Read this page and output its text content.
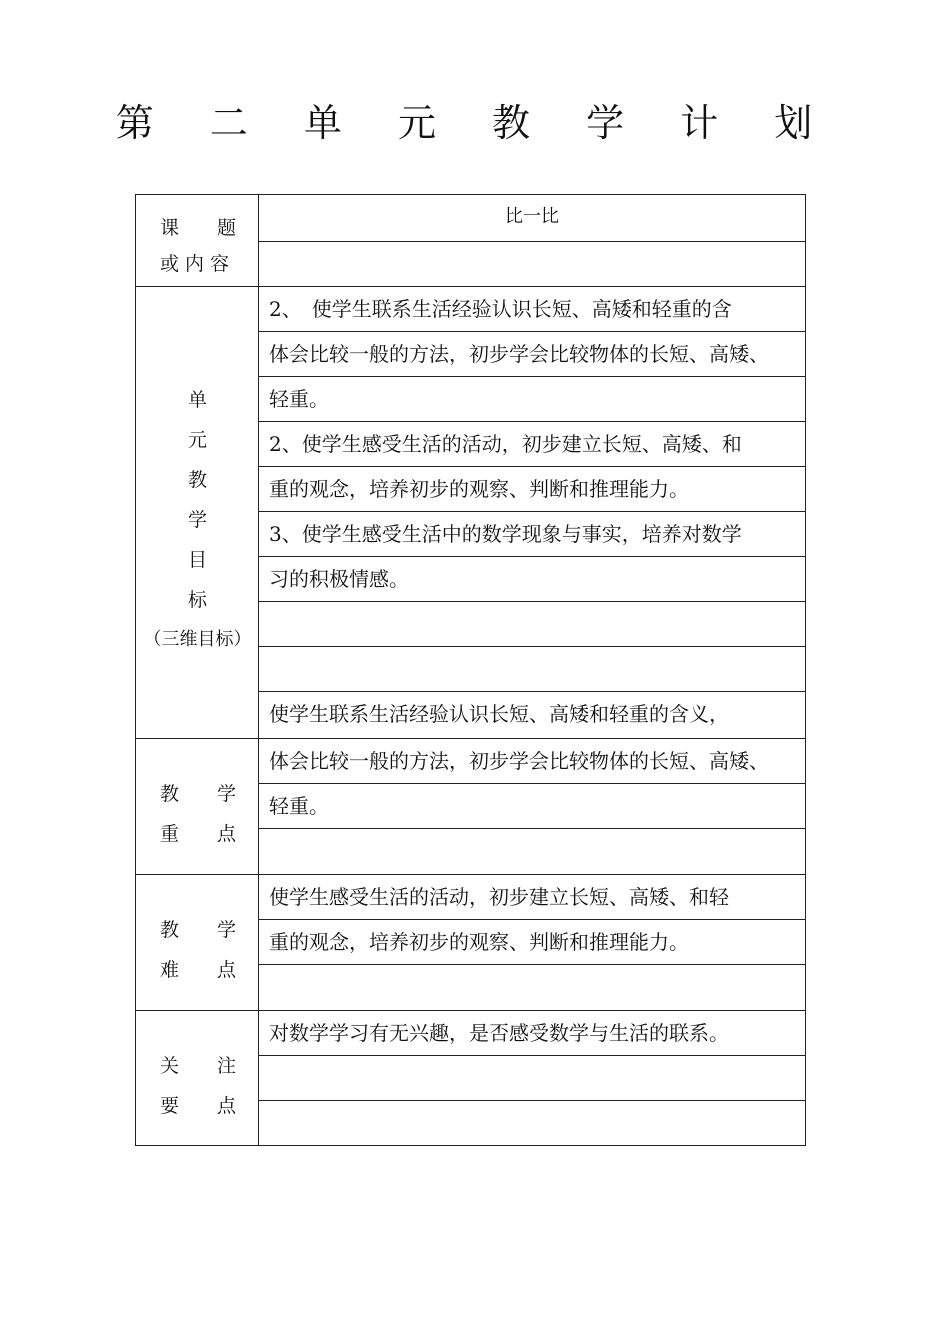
第 二 单 元 教 学 计 划
课 题
或 内 容
比一比
单
元
教
学
目
标
（三维目标）
2、　使学生联系生活经验认识长短、高矮和轻重的含
体会比较一般的方法，初步学会比较物体的长短、高矮、
轻重。
2、使学生感受生活的活动，初步建立长短、高矮、和
重的观念，培养初步的观察、判断和推理能力。
3、使学生感受生活中的数学现象与事实，培养对数学
习的积极情感。
使学生联系生活经验认识长短、高矮和轻重的含义，
教 学
重 点
体会比较一般的方法，初步学会比较物体的长短、高矮、
轻重。
教 学
难 点
使学生感受生活的活动，初步建立长短、高矮、和轻
重的观念，培养初步的观察、判断和推理能力。
关 注
要 点
对数学学习有无兴趣，是否感受数学与生活的联系。
